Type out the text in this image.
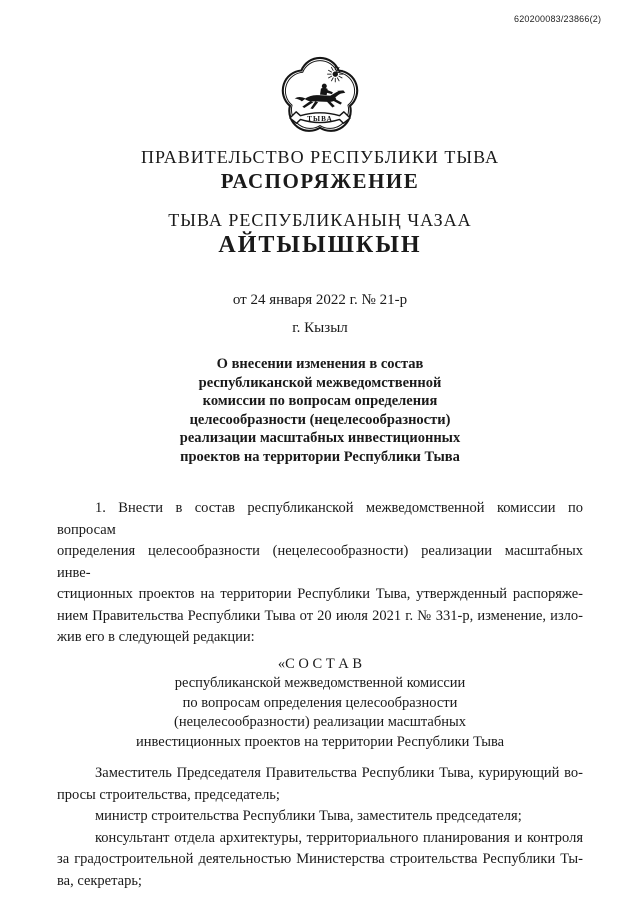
620200083/23866(2)
ТЫВА
ПРАВИТЕЛЬСТВО РЕСПУБЛИКИ ТЫВА
РАСПОРЯЖЕНИЕ
ТЫВА РЕСПУБЛИКАНЫҢ ЧАЗАА
АЙТЫЫШКЫН
от 24 января 2022 г. № 21-р
г. Кызыл
О внесении изменения в состав
республиканской межведомственной
комиссии по вопросам определения
целесообразности (нецелесообразности)
реализации масштабных инвестиционных
проектов на территории Республики Тыва
1. Внести в состав республиканской межведомственной комиссии по вопросам
определения целесообразности (нецелесообразности) реализации масштабных инве-
стиционных проектов на территории Республики Тыва, утвержденный распоряже-
нием Правительства Республики Тыва от 20 июля 2021 г. № 331-р, изменение, изло-
жив его в следующей редакции:
«С О С Т А В
республиканской межведомственной комиссии
по вопросам определения целесообразности
(нецелесообразности) реализации масштабных
инвестиционных проектов на территории Республики Тыва
Заместитель Председателя Правительства Республики Тыва, курирующий во-
просы строительства, председатель;
министр строительства Республики Тыва, заместитель председателя;
консультант отдела архитектуры, территориального планирования и контроля
за градостроительной деятельностью Министерства строительства Республики Ты-
ва, секретарь;
